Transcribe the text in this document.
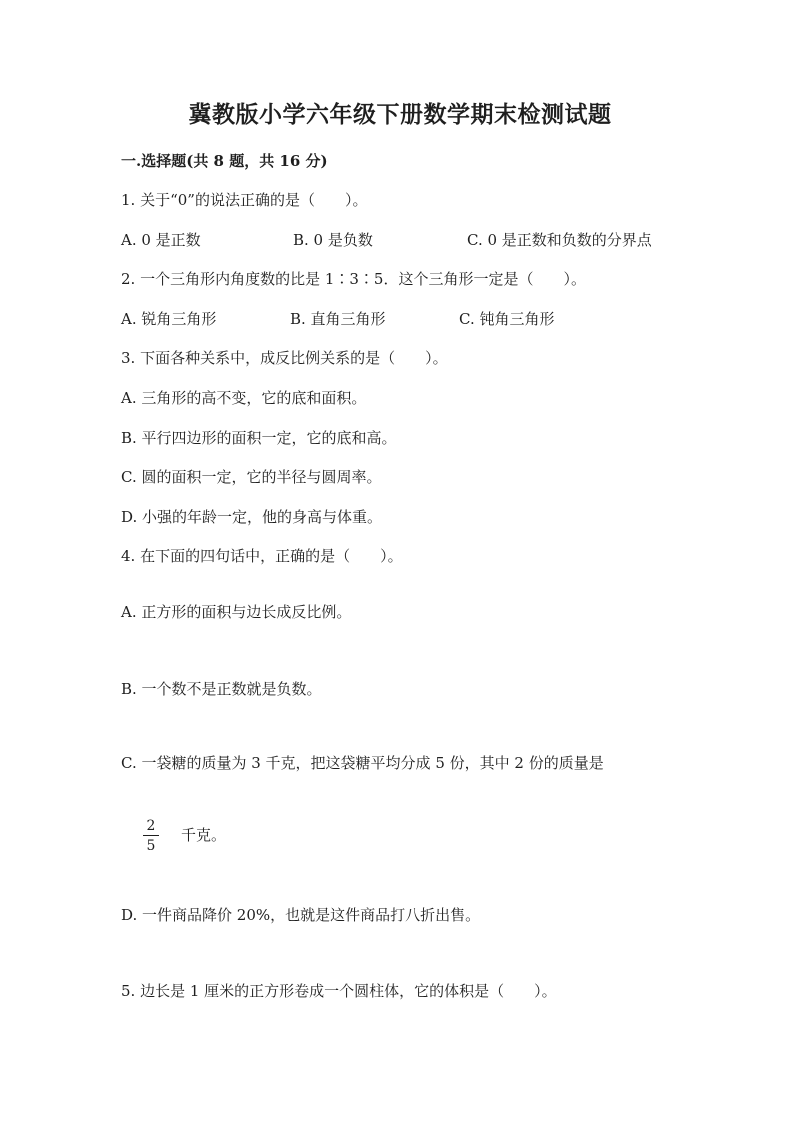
冀教版小学六年级下册数学期末检测试题
一.选择题(共 8 题，共 16 分)
1. 关于“0”的说法正确的是（　　）。
A. 0 是正数	B. 0 是负数	C. 0 是正数和负数的分界点
2. 一个三角形内角度数的比是 1∶3∶5．这个三角形一定是（　　）。
A. 锐角三角形	B. 直角三角形	C. 钝角三角形
3. 下面各种关系中，成反比例关系的是（　　）。
A. 三角形的高不变，它的底和面积。
B. 平行四边形的面积一定，它的底和高。
C. 圆的面积一定，它的半径与圆周率。
D. 小强的年龄一定，他的身高与体重。
4. 在下面的四句话中，正确的是（　　）。
A. 正方形的面积与边长成反比例。
B. 一个数不是正数就是负数。
C. 一袋糖的质量为 3 千克，把这袋糖平均分成 5 份，其中 2 份的质量是
2
5
千克。
D. 一件商品降价 20%，也就是这件商品打八折出售。
5. 边长是 1 厘米的正方形卷成一个圆柱体，它的体积是（　　）。
